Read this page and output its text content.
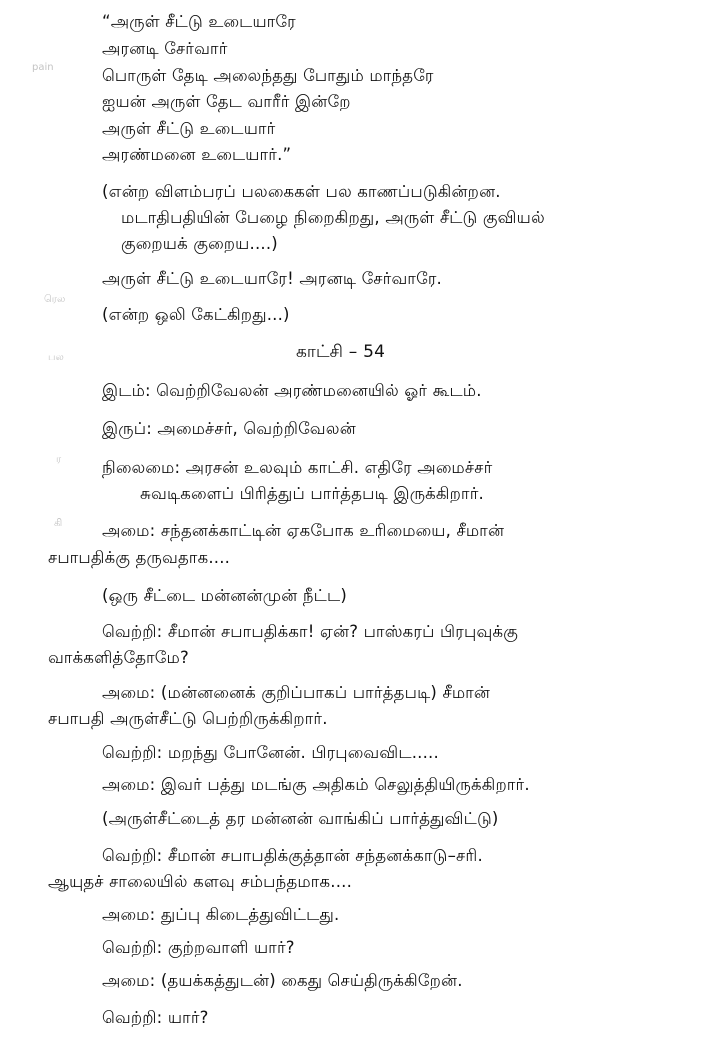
pain
ரெல
பல
ர
கி
“அருள் சீட்டு உடையாரே
அரனடி சேர்வார்
பொருள் தேடி அலைந்தது போதும் மாந்தரே
ஐயன் அருள் தேட வாரீர் இன்றே
அருள் சீட்டு உடையார்
அரண்மனை உடையார்.”
(என்ற விளம்பரப் பலகைகள் பல காணப்படுகின்றன.
மடாதிபதியின் பேழை நிறைகிறது, அருள் சீட்டு குவியல்
குறையக் குறைய....)
அருள் சீட்டு உடையாரே! அரனடி சேர்வாரே.
(என்ற ஒலி கேட்கிறது...)
காட்சி – 54
இடம்: வெற்றிவேலன் அரண்மனையில் ஓர் கூடம்.
இருப்: அமைச்சர், வெற்றிவேலன்
நிலைமை: அரசன் உலவும் காட்சி. எதிரே அமைச்சர்
சுவடிகளைப் பிரித்துப் பார்த்தபடி இருக்கிறார்.
அமை: சந்தனக்காட்டின் ஏகபோக உரிமையை, சீமான்
சபாபதிக்கு தருவதாக....
(ஒரு சீட்டை மன்னன்முன் நீட்ட)
வெற்றி: சீமான் சபாபதிக்கா! ஏன்? பாஸ்கரப் பிரபுவுக்கு
வாக்களித்தோமே?
அமை: (மன்னனைக் குறிப்பாகப் பார்த்தபடி) சீமான்
சபாபதி அருள்சீட்டு பெற்றிருக்கிறார்.
வெற்றி: மறந்து போனேன். பிரபுவைவிட.....
அமை: இவர் பத்து மடங்கு அதிகம் செலுத்தியிருக்கிறார்.
(அருள்சீட்டைத் தர மன்னன் வாங்கிப் பார்த்துவிட்டு)
வெற்றி: சீமான் சபாபதிக்குத்தான் சந்தனக்காடு–சரி.
ஆயுதச் சாலையில் களவு சம்பந்தமாக....
அமை: துப்பு கிடைத்துவிட்டது.
வெற்றி: குற்றவாளி யார்?
அமை: (தயக்கத்துடன்) கைது செய்திருக்கிறேன்.
வெற்றி: யார்?
